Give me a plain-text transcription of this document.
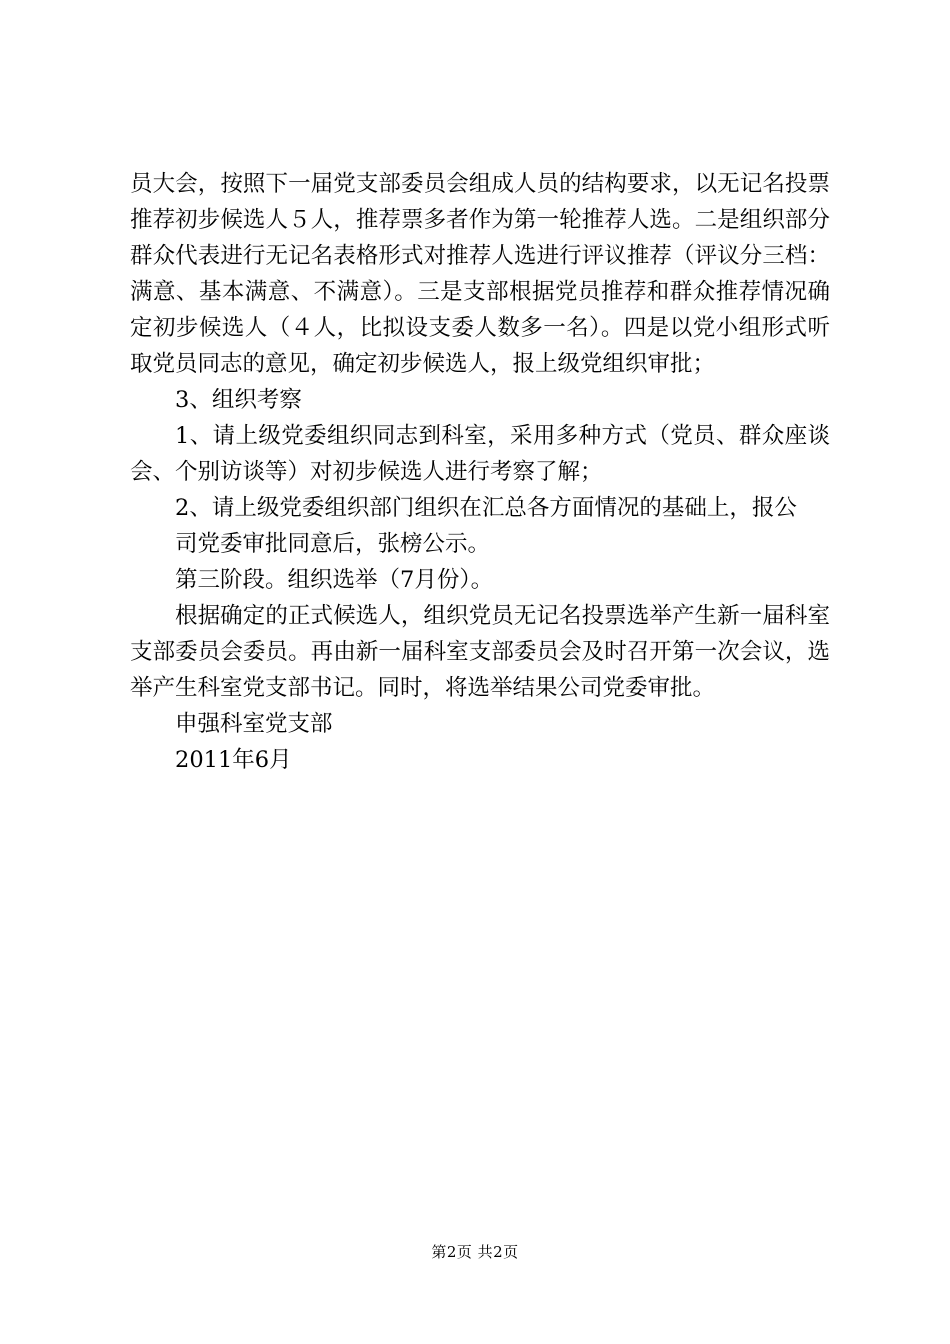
员大会，按照下一届党支部委员会组成人员的结构要求，以无记名投票推荐初步候选人５人，推荐票多者作为第一轮推荐人选。二是组织部分群众代表进行无记名表格形式对推荐人选进行评议推荐（评议分三档：满意、基本满意、不满意）。三是支部根据党员推荐和群众推荐情况确定初步候选人（４人，比拟设支委人数多一名）。四是以党小组形式听取党员同志的意见，确定初步候选人，报上级党组织审批；

3、组织考察

1、请上级党委组织同志到科室，采用多种方式（党员、群众座谈会、个别访谈等）对初步候选人进行考察了解；

2、请上级党委组织部门组织在汇总各方面情况的基础上，报公

司党委审批同意后，张榜公示。

第三阶段。组织选举（7月份）。

根据确定的正式候选人，组织党员无记名投票选举产生新一届科室支部委员会委员。再由新一届科室支部委员会及时召开第一次会议，选举产生科室党支部书记。同时，将选举结果公司党委审批。

申强科室党支部

2011年6月

第2页 共2页
